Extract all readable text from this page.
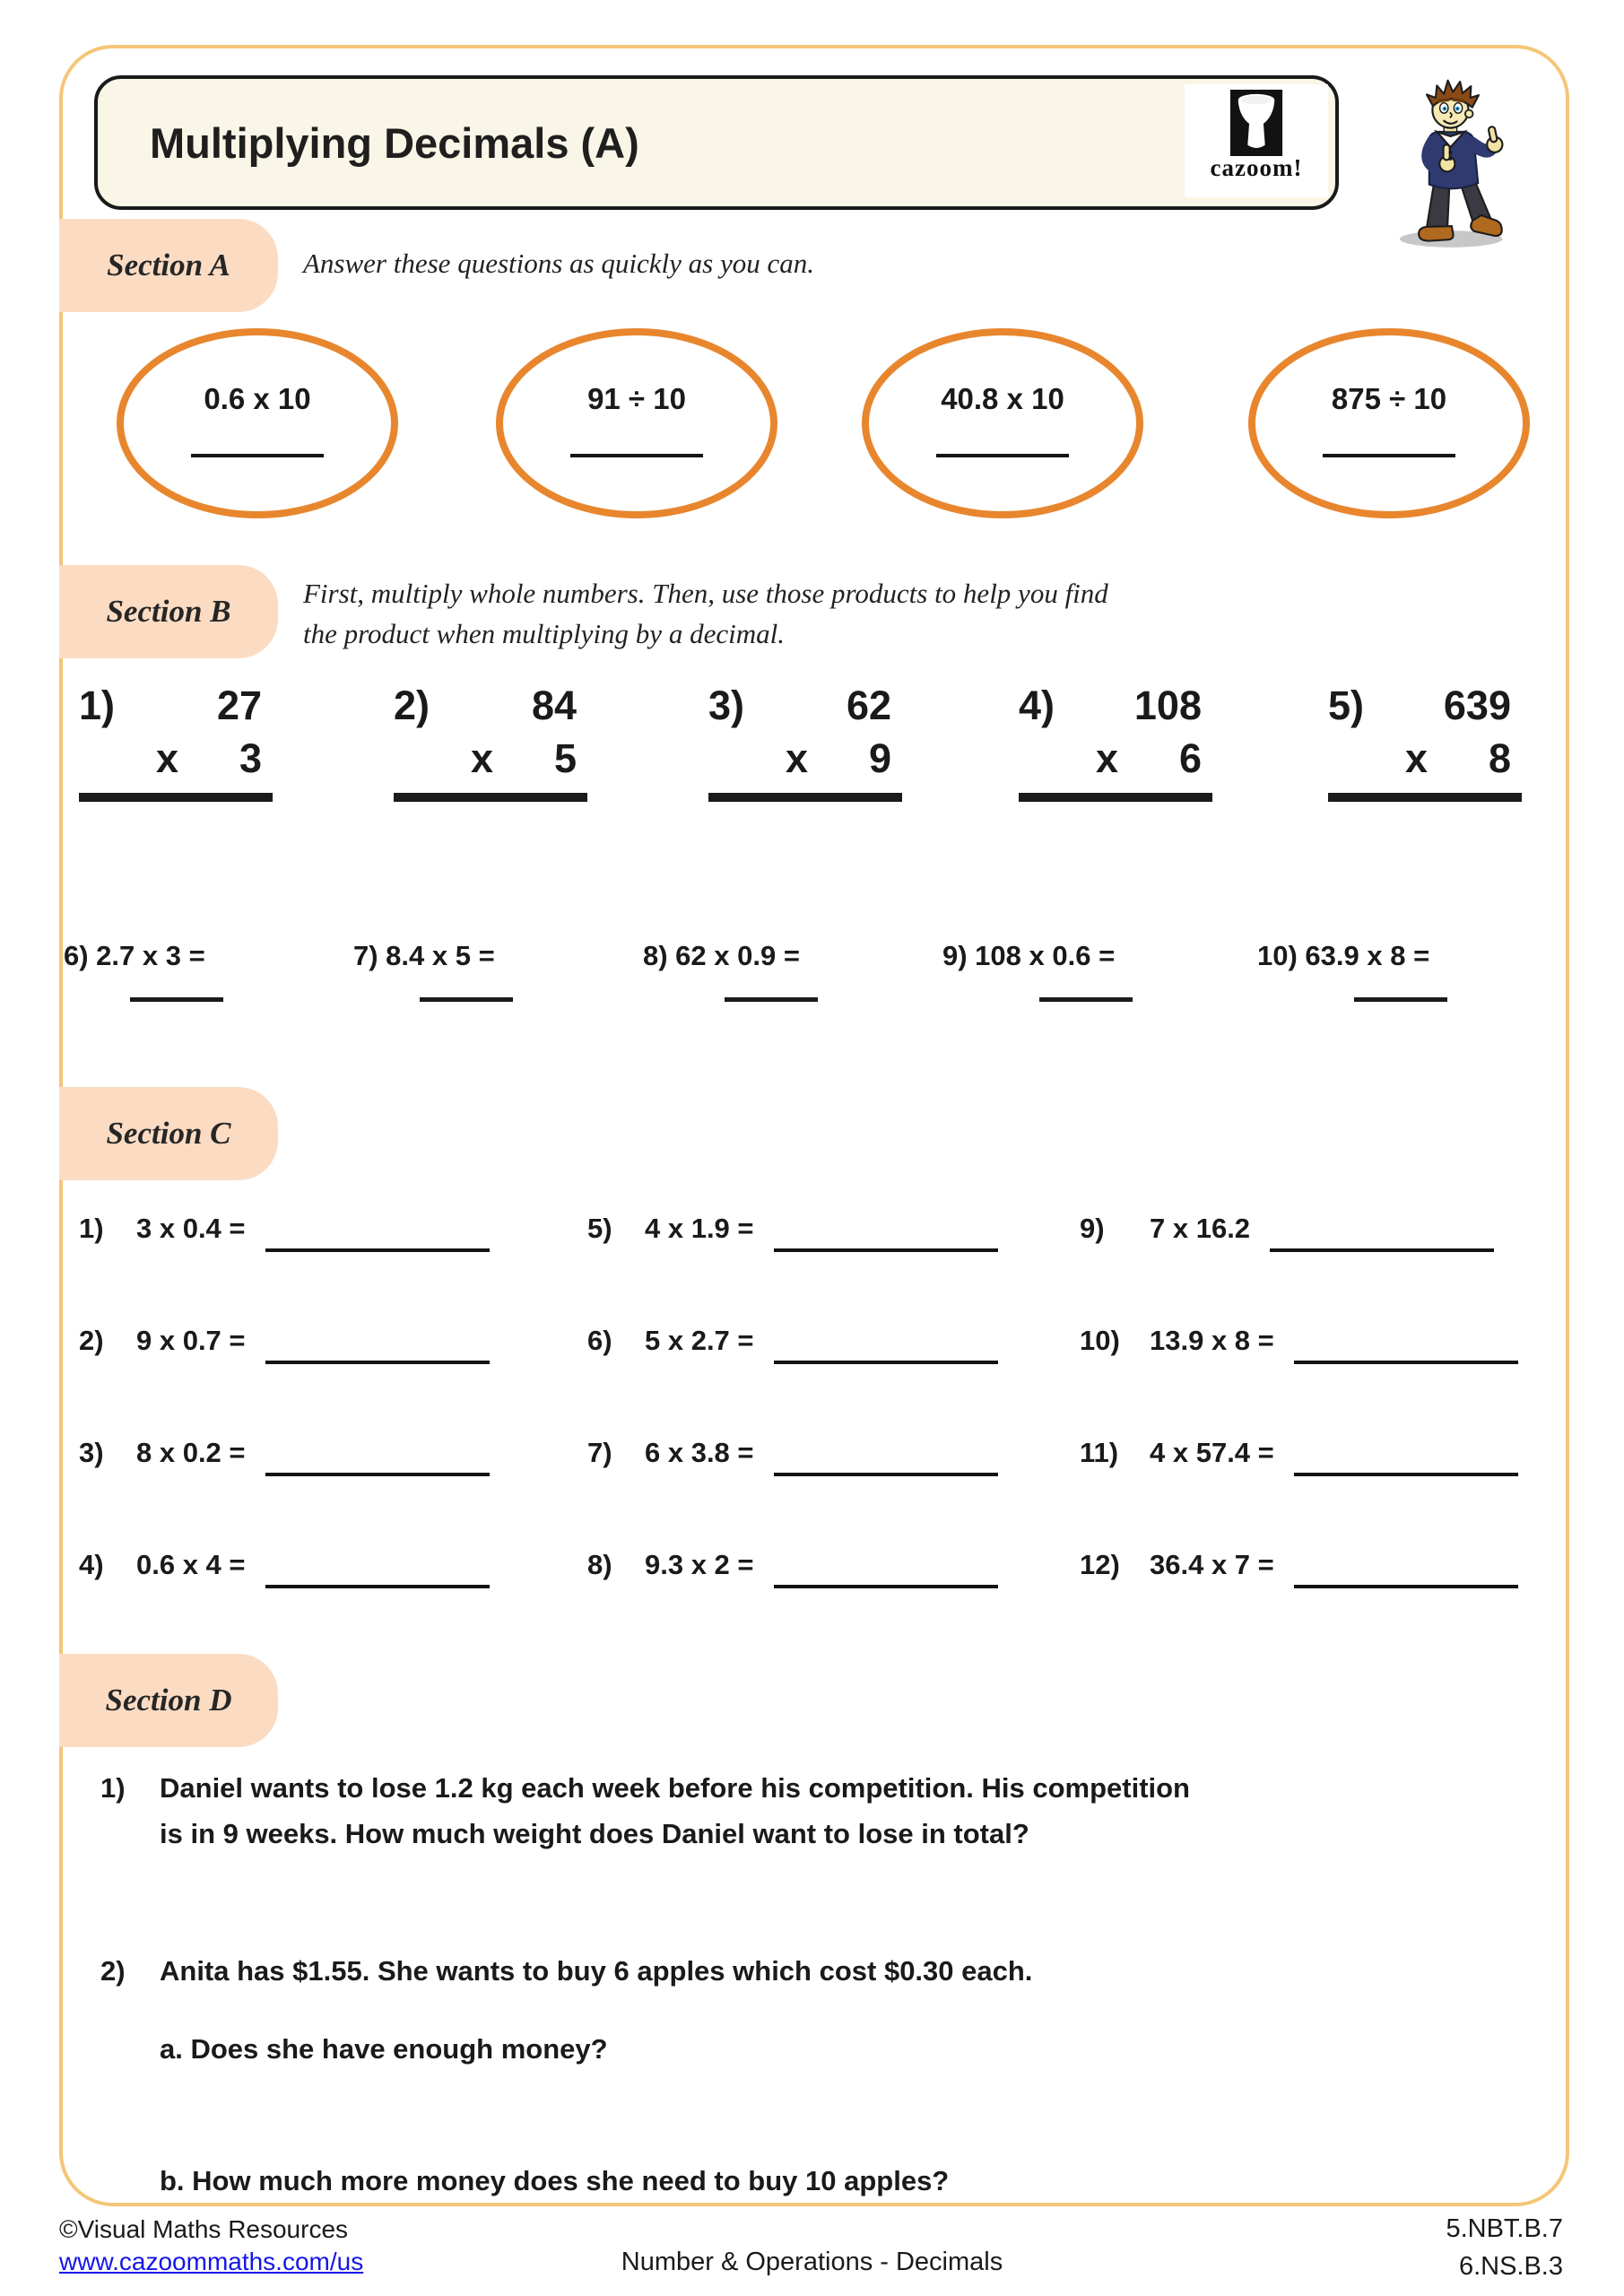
Multiplying Decimals (A)
cazoom!
Section A	Answer these questions as quickly as you can.
0.6 x 10	91 ÷ 10	40.8 x 10	875 ÷ 10
Section B
First, multiply whole numbers. Then, use those products to help you find
the product when multiplying by a decimal.
1)	27
x 3
2)	84
x 5
3)	62
x 9
4) 108
x 6
5) 639
x 8
6) 2.7 x 3 =	7) 8.4 x 5 =	8) 62 x 0.9 =	9) 108 x 0.6 =	10) 63.9 x 8 =
Section C
1)	3 x 0.4 =	5)	4 x 1.9 =	9)	7 x 16.2
2)	9 x 0.7 =	6)	5 x 2.7 =	10)	13.9 x 8 =
3)	8 x 0.2 =	7)	6 x 3.8 =	11)	4 x 57.4 =
4)	0.6 x 4 =	8)	9.3 x 2 =	12)	36.4 x 7 =
Section D
1)	Daniel wants to lose 1.2 kg each week before his competition. His competition
is in 9 weeks. How much weight does Daniel want to lose in total?
2)	Anita has $1.55. She wants to buy 6 apples which cost $0.30 each.
a. Does she have enough money?
b. How much more money does she need to buy 10 apples?
©Visual Maths Resources
www.cazoommaths.com/us	Number & Operations - Decimals
5.NBT.B.7
6.NS.B.3
